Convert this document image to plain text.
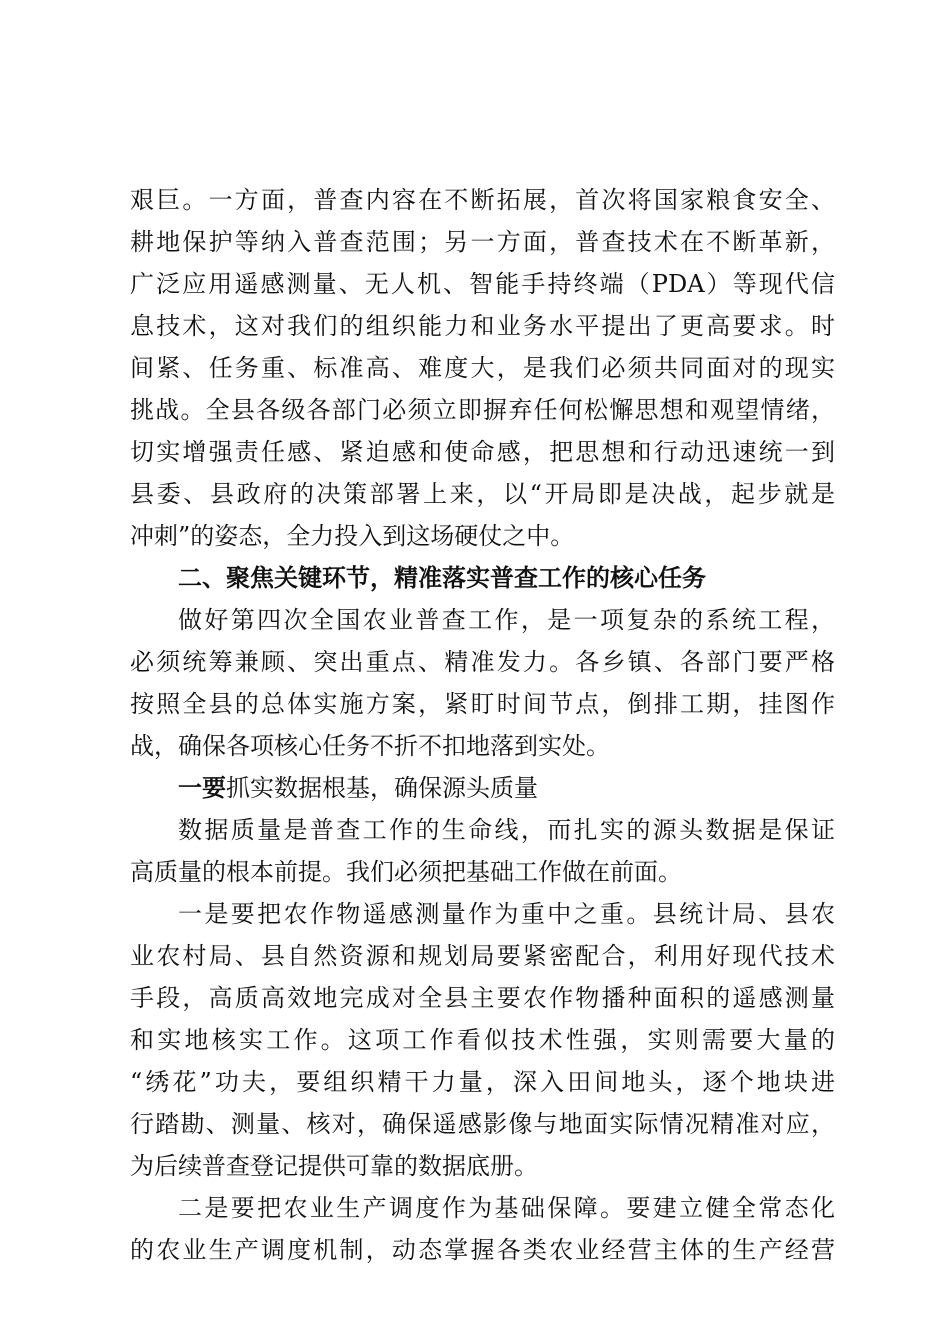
艰巨。一方面，普查内容在不断拓展，首次将国家粮食安全、
耕地保护等纳入普查范围；另一方面，普查技术在不断革新，
广泛应用遥感测量、无人机、智能手持终端（PDA）等现代信
息技术，这对我们的组织能力和业务水平提出了更高要求。时
间紧、任务重、标准高、难度大，是我们必须共同面对的现实
挑战。全县各级各部门必须立即摒弃任何松懈思想和观望情绪，
切实增强责任感、紧迫感和使命感，把思想和行动迅速统一到
县委、县政府的决策部署上来，以“开局即是决战，起步就是
冲刺”的姿态，全力投入到这场硬仗之中。
二、聚焦关键环节，精准落实普查工作的核心任务
做好第四次全国农业普查工作，是一项复杂的系统工程，
必须统筹兼顾、突出重点、精准发力。各乡镇、各部门要严格
按照全县的总体实施方案，紧盯时间节点，倒排工期，挂图作
战，确保各项核心任务不折不扣地落到实处。
一要抓实数据根基，确保源头质量
数据质量是普查工作的生命线，而扎实的源头数据是保证
高质量的根本前提。我们必须把基础工作做在前面。
一是要把农作物遥感测量作为重中之重。县统计局、县农
业农村局、县自然资源和规划局要紧密配合，利用好现代技术
手段，高质高效地完成对全县主要农作物播种面积的遥感测量
和实地核实工作。这项工作看似技术性强，实则需要大量的
“绣花”功夫，要组织精干力量，深入田间地头，逐个地块进
行踏勘、测量、核对，确保遥感影像与地面实际情况精准对应，
为后续普查登记提供可靠的数据底册。
二是要把农业生产调度作为基础保障。要建立健全常态化
的农业生产调度机制，动态掌握各类农业经营主体的生产经营
